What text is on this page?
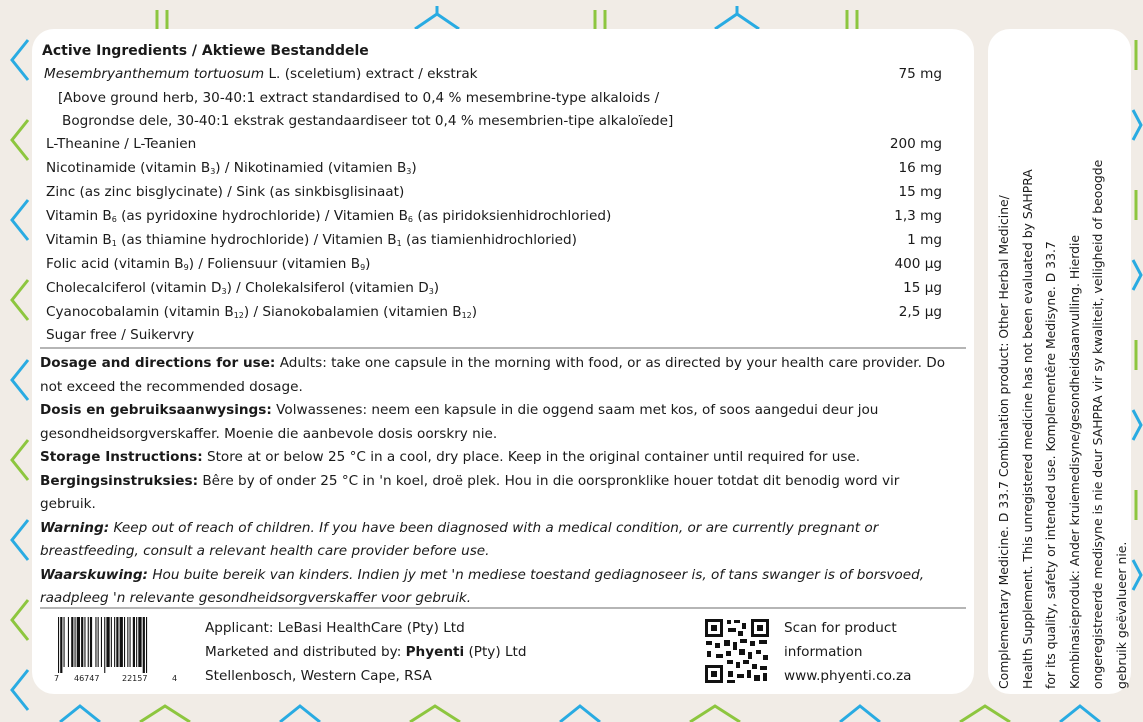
Active Ingredients / Aktiewe Bestanddele
Mesembryanthemum tortuosum L. (sceletium) extract / ekstrak	75 mg
[Above ground herb, 30-40:1 extract standardised to 0,4 % mesembrine-type alkaloids /
Bogrondse dele, 30-40:1 ekstrak gestandaardiseer tot 0,4 % mesembrien-tipe alkaloïede]
L-Theanine / L-Teanien	200 mg
Nicotinamide (vitamin $B_3$) / Nikotinamied (vitamien $B_3$)	16 mg
Zinc (as zinc bisglycinate) / Sink (as sinkbisglisinaat)	15 mg
Vitamin $B_6$ (as pyridoxine hydrochloride) / Vitamien $B_6$ (as piridoksienhidrochloried)	1,3 mg
Vitamin $B_1$ (as thiamine hydrochloride) / Vitamien $B_1$ (as tiamienhidrochloried)	1 mg
Folic acid (vitamin $B_9$) / Foliensuur (vitamien $B_9$)	400 µg
Cholecalciferol (vitamin $D_3$) / Cholekalsiferol (vitamien $D_3$)	15 µg
Cyanocobalamin (vitamin $B_{12}$) / Sianokobalamien (vitamien $B_{12}$)	2,5 µg
Sugar free / Suikervry
Dosage and directions for use: Adults: take one capsule in the morning with food, or as directed by your health care provider. Do not exceed the recommended dosage.
Dosis en gebruiksaanwysings: Volwassenes: neem een kapsule in die oggend saam met kos, of soos aangedui deur jou gesondheidsorgverskaffer. Moenie die aanbevole dosis oorskry nie.
Storage Instructions: Store at or below 25 °C in a cool, dry place. Keep in the original container until required for use.
Bergingsinstruksies: Bêre by of onder 25 °C in 'n koel, droë plek. Hou in die oorspronklike houer totdat dit benodig word vir gebruik.
Warning: Keep out of reach of children. If you have been diagnosed with a medical condition, or are currently pregnant or breastfeeding, consult a relevant health care provider before use.
Waarskuwing: Hou buite bereik van kinders. Indien jy met 'n mediese toestand gediagnoseer is, of tans swanger is of borsvoed, raadpleeg 'n relevante gesondheidsorgverskaffer voor gebruik.
7 46747	22157	4
Applicant: LeBasi HealthCare (Pty) Ltd
Marketed and distributed by: Phyenti (Pty) Ltd
Stellenbosch, Western Cape, RSA
Scan for product
information
www.phyenti.co.za	Complementary Medicine. D 33.7 Combination product: Other Herbal Medicine/ Health Supplement. This unregistered medicine has not been evaluated by SAHPRA for its quality, safety or intended use. Komplementêre Medisyne. D 33.7 Kombinasieproduk: Ander kruiemedisyne/gesondheidsaanvulling. Hierdie ongeregistreerde medisyne is nie deur SAHPRA vir sy kwaliteit, veiligheid of beoogde gebruik geëvalueer nie.
